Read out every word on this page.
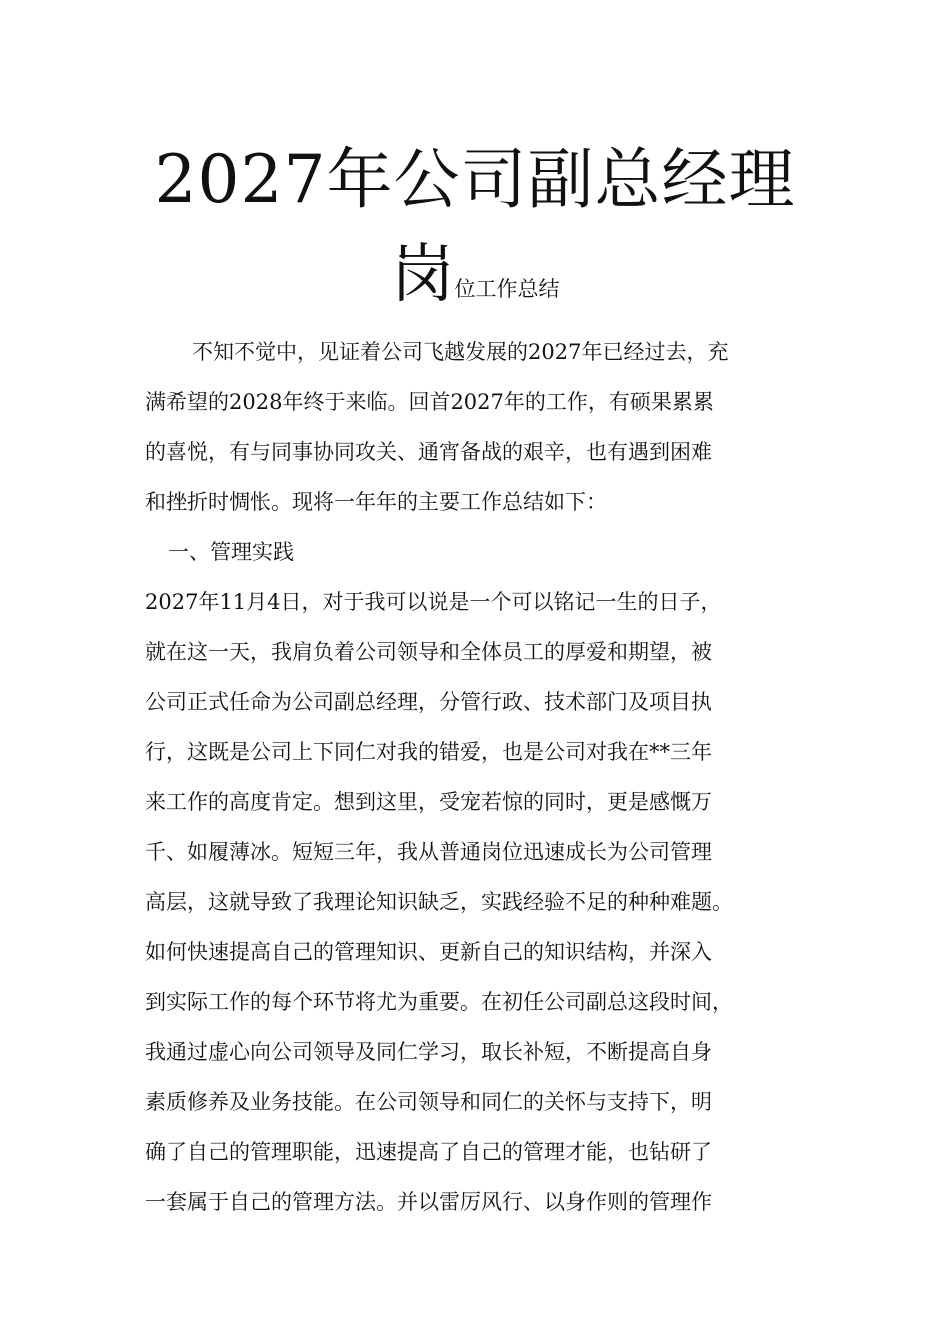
2027年公司副总经理
岗位工作总结
不知不觉中，见证着公司飞越发展的2027年已经过去，充
满希望的2028年终于来临。回首2027年的工作，有硕果累累
的喜悦，有与同事协同攻关、通宵备战的艰辛，也有遇到困难
和挫折时惆怅。现将一年年的主要工作总结如下：
一、管理实践
2027年11月4日，对于我可以说是一个可以铭记一生的日子，
就在这一天，我肩负着公司领导和全体员工的厚爱和期望，被
公司正式任命为公司副总经理，分管行政、技术部门及项目执
行，这既是公司上下同仁对我的错爱，也是公司对我在**三年
来工作的高度肯定。想到这里，受宠若惊的同时，更是感慨万
千、如履薄冰。短短三年，我从普通岗位迅速成长为公司管理
高层，这就导致了我理论知识缺乏，实践经验不足的种种难题。
如何快速提高自己的管理知识、更新自己的知识结构，并深入
到实际工作的每个环节将尤为重要。在初任公司副总这段时间，
我通过虚心向公司领导及同仁学习，取长补短，不断提高自身
素质修养及业务技能。在公司领导和同仁的关怀与支持下，明
确了自己的管理职能，迅速提高了自己的管理才能，也钻研了
一套属于自己的管理方法。并以雷厉风行、以身作则的管理作
